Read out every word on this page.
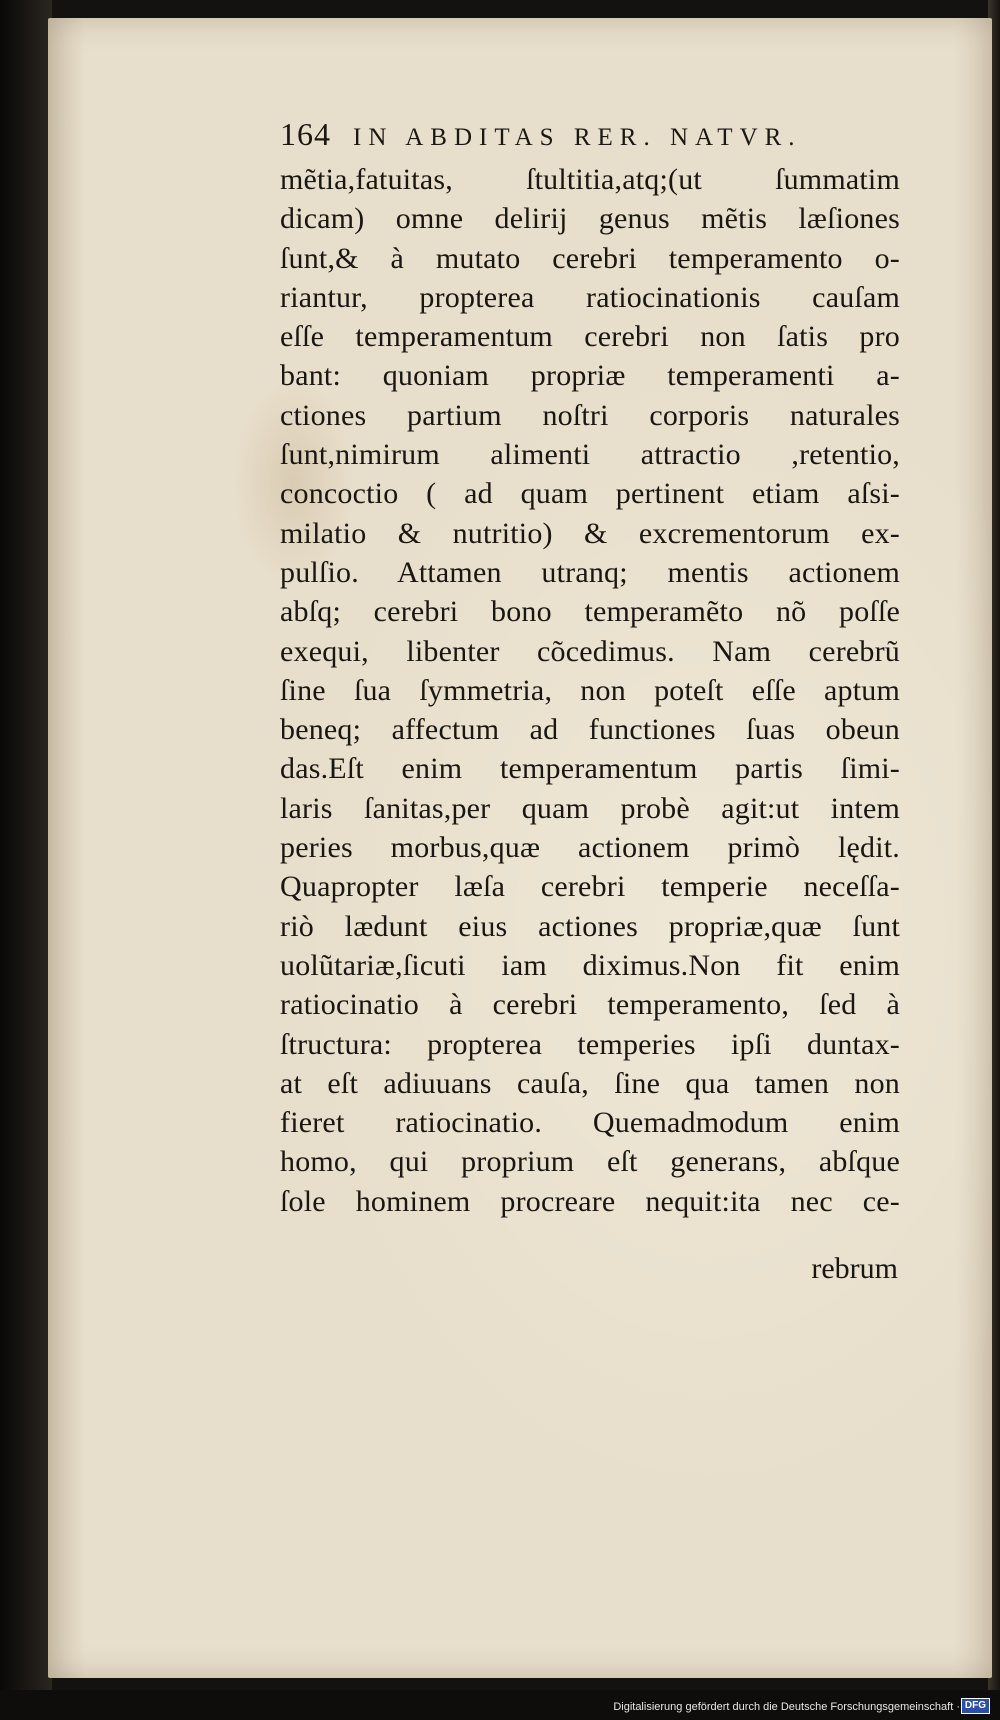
164 IN ABDITAS RER. NATVR.
mẽtia,fatuitas, ſtultitia,atq;(ut ſummatim
dicam) omne delirij genus mẽtis læſiones
ſunt,& à mutato cerebri temperamento o-
riantur, propterea ratiocinationis cauſam
eſſe temperamentum cerebri non ſatis pro
bant: quoniam propriæ temperamenti a-
ctiones partium noſtri corporis naturales
ſunt,nimirum alimenti attractio ,retentio,
concoctio ( ad quam pertinent etiam aſsi-
milatio & nutritio) & excrementorum ex-
pulſio. Attamen utranq; mentis actionem
abſq; cerebri bono temperamẽto nõ poſſe
exequi, libenter cõcedimus. Nam cerebrũ
ſine ſua ſymmetria, non poteſt eſſe aptum
beneq; affectum ad functiones ſuas obeun
das.Eſt enim temperamentum partis ſimi-
laris ſanitas,per quam probè agit:ut intem
peries morbus,quæ actionem primò lędit.
Quapropter læſa cerebri temperie neceſſa-
riò lædunt eius actiones propriæ,quæ ſunt
uolũtariæ,ſicuti iam diximus.Non fit enim
ratiocinatio à cerebri temperamento, ſed à
ſtructura: propterea temperies ipſi duntax-
at eſt adiuuans cauſa, ſine qua tamen non
fieret ratiocinatio. Quemadmodum enim
homo, qui proprium eſt generans, abſque
ſole hominem procreare nequit:ita nec ce-
rebrum
Digitalisierung gefördert durch die Deutsche Forschungsgemeinschaft · DFG
